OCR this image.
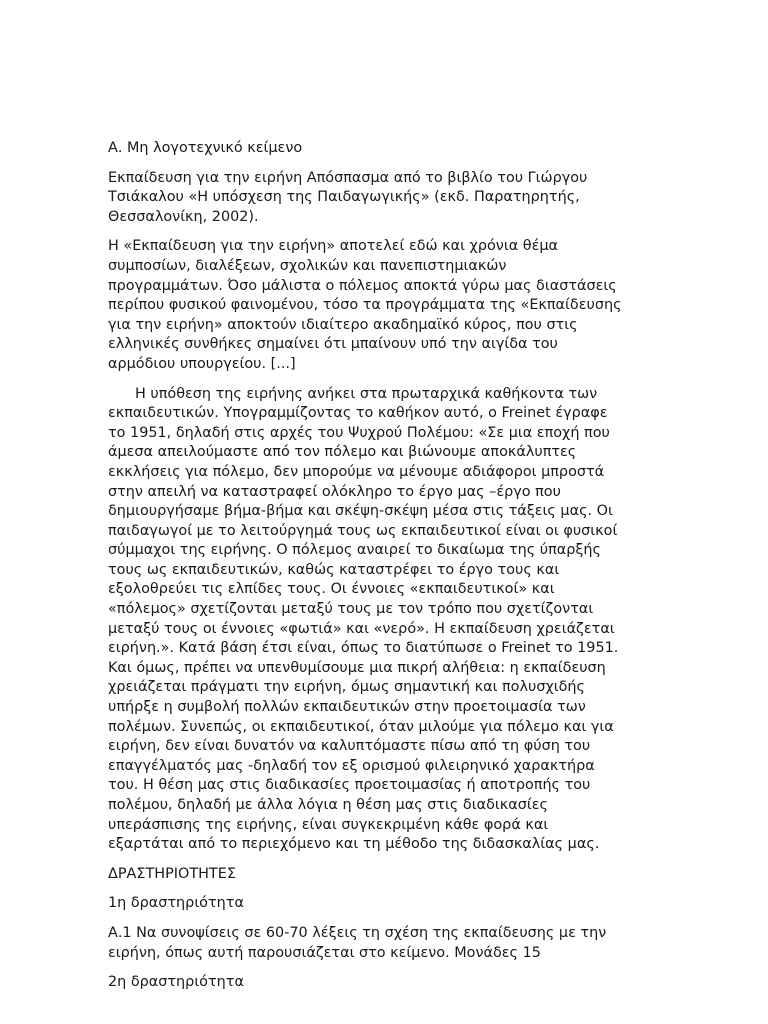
Α. Μη λογοτεχνικό κείμενο

Εκπαίδευση για την ειρήνη Απόσπασμα από το βιβλίο του Γιώργου
Τσιάκαλου «Η υπόσχεση της Παιδαγωγικής» (εκδ. Παρατηρητής,
Θεσσαλονίκη, 2002).

Η «Εκπαίδευση για την ειρήνη» αποτελεί εδώ και χρόνια θέμα
συμποσίων, διαλέξεων, σχολικών και πανεπιστημιακών
προγραμμάτων. Όσο μάλιστα ο πόλεμος αποκτά γύρω μας διαστάσεις
περίπου φυσικού φαινομένου, τόσο τα προγράμματα της «Εκπαίδευσης
για την ειρήνη» αποκτούν ιδιαίτερο ακαδημαϊκό κύρος, που στις
ελληνικές συνθήκες σημαίνει ότι μπαίνουν υπό την αιγίδα του
αρμόδιου υπουργείου. [...]

Η υπόθεση της ειρήνης ανήκει στα πρωταρχικά καθήκοντα των
εκπαιδευτικών. Υπογραμμίζοντας το καθήκον αυτό, ο Freinet έγραφε
το 1951, δηλαδή στις αρχές του Ψυχρού Πολέμου: «Σε μια εποχή που
άμεσα απειλούμαστε από τον πόλεμο και βιώνουμε αποκάλυπτες
εκκλήσεις για πόλεμο, δεν μπορούμε να μένουμε αδιάφοροι μπροστά
στην απειλή να καταστραφεί ολόκληρο το έργο μας –έργο που
δημιουργήσαμε βήμα-βήμα και σκέψη-σκέψη μέσα στις τάξεις μας. Οι
παιδαγωγοί με το λειτούργημά τους ως εκπαιδευτικοί είναι οι φυσικοί
σύμμαχοι της ειρήνης. Ο πόλεμος αναιρεί το δικαίωμα της ύπαρξής
τους ως εκπαιδευτικών, καθώς καταστρέφει το έργο τους και
εξολοθρεύει τις ελπίδες τους. Οι έννοιες «εκπαιδευτικοί» και
«πόλεμος» σχετίζονται μεταξύ τους με τον τρόπο που σχετίζονται
μεταξύ τους οι έννοιες «φωτιά» και «νερό». Η εκπαίδευση χρειάζεται
ειρήνη.». Κατά βάση έτσι είναι, όπως το διατύπωσε ο Freinet το 1951.
Και όμως, πρέπει να υπενθυμίσουμε μια πικρή αλήθεια: η εκπαίδευση
χρειάζεται πράγματι την ειρήνη, όμως σημαντική και πολυσχιδής
υπήρξε η συμβολή πολλών εκπαιδευτικών στην προετοιμασία των
πολέμων. Συνεπώς, οι εκπαιδευτικοί, όταν μιλούμε για πόλεμο και για
ειρήνη, δεν είναι δυνατόν να καλυπτόμαστε πίσω από τη φύση του
επαγγέλματός μας -δηλαδή τον εξ ορισμού φιλειρηνικό χαρακτήρα
του. Η θέση μας στις διαδικασίες προετοιμασίας ή αποτροπής του
πολέμου, δηλαδή με άλλα λόγια η θέση μας στις διαδικασίες
υπεράσπισης της ειρήνης, είναι συγκεκριμένη κάθε φορά και
εξαρτάται από το περιεχόμενο και τη μέθοδο της διδασκαλίας μας.

ΔΡΑΣΤΗΡΙΟΤΗΤΕΣ

1η δραστηριότητα

Α.1 Να συνοψίσεις σε 60-70 λέξεις τη σχέση της εκπαίδευσης με την
ειρήνη, όπως αυτή παρουσιάζεται στο κείμενο. Μονάδες 15

2η δραστηριότητα
